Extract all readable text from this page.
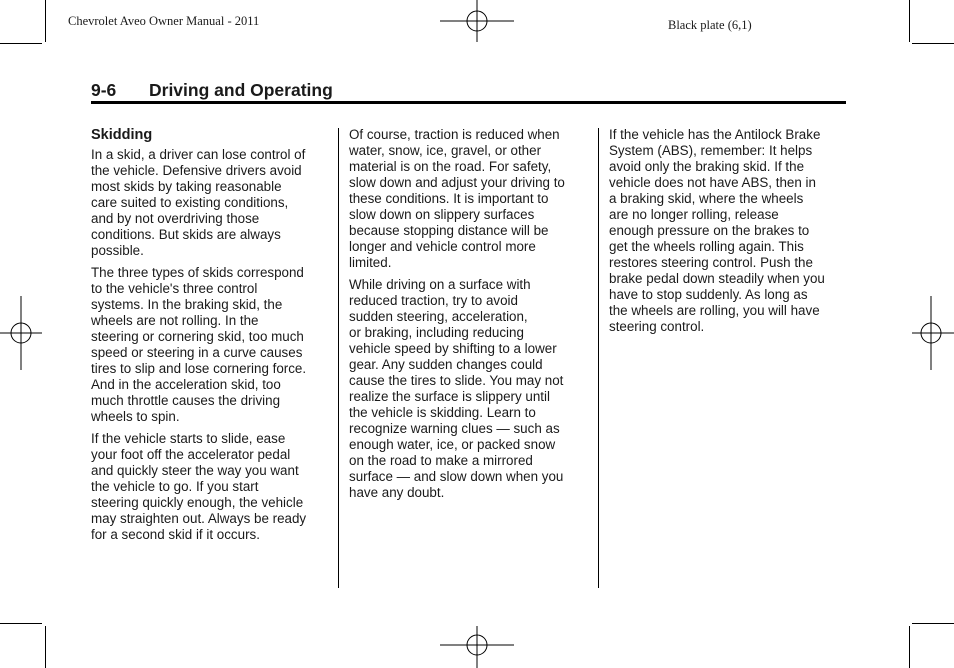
Chevrolet Aveo Owner Manual - 2011	Black plate (6,1)
9-6 Driving and Operating
Skidding

In a skid, a driver can lose control of
the vehicle. Defensive drivers avoid
most skids by taking reasonable
care suited to existing conditions,
and by not overdriving those
conditions. But skids are always
possible.

The three types of skids correspond
to the vehicle's three control
systems. In the braking skid, the
wheels are not rolling. In the
steering or cornering skid, too much
speed or steering in a curve causes
tires to slip and lose cornering force.
And in the acceleration skid, too
much throttle causes the driving
wheels to spin.

If the vehicle starts to slide, ease
your foot off the accelerator pedal
and quickly steer the way you want
the vehicle to go. If you start
steering quickly enough, the vehicle
may straighten out. Always be ready
for a second skid if it occurs.

Of course, traction is reduced when
water, snow, ice, gravel, or other
material is on the road. For safety,
slow down and adjust your driving to
these conditions. It is important to
slow down on slippery surfaces
because stopping distance will be
longer and vehicle control more
limited.

While driving on a surface with
reduced traction, try to avoid
sudden steering, acceleration,
or braking, including reducing
vehicle speed by shifting to a lower
gear. Any sudden changes could
cause the tires to slide. You may not
realize the surface is slippery until
the vehicle is skidding. Learn to
recognize warning clues — such as
enough water, ice, or packed snow
on the road to make a mirrored
surface — and slow down when you
have any doubt.

If the vehicle has the Antilock Brake
System (ABS), remember: It helps
avoid only the braking skid. If the
vehicle does not have ABS, then in
a braking skid, where the wheels
are no longer rolling, release
enough pressure on the brakes to
get the wheels rolling again. This
restores steering control. Push the
brake pedal down steadily when you
have to stop suddenly. As long as
the wheels are rolling, you will have
steering control.
